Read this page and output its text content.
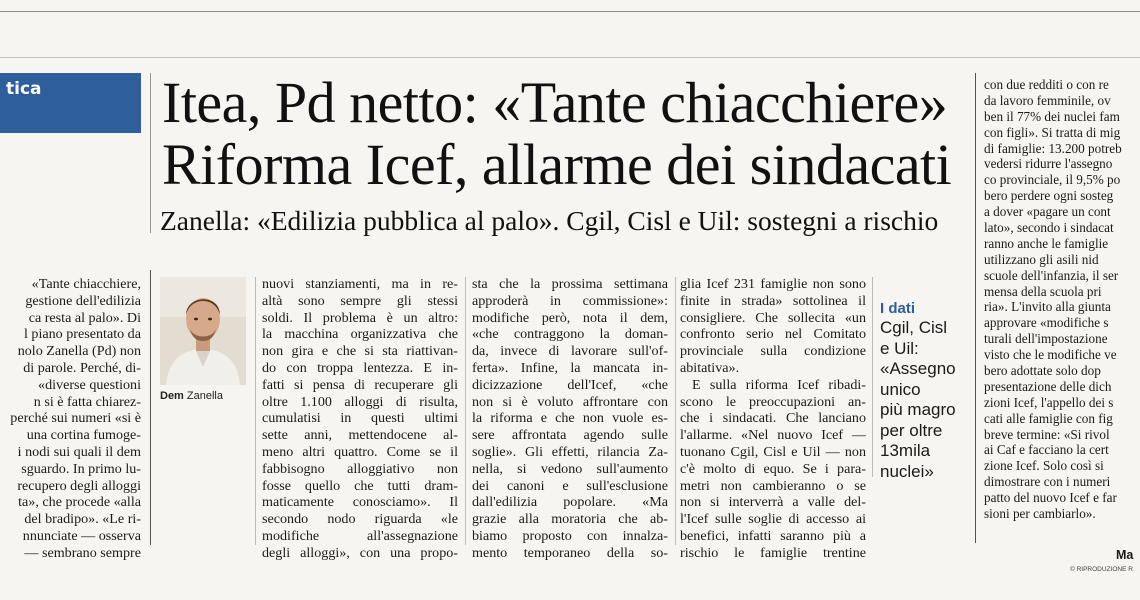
tica Itea, Pd netto: «Tante chiacchiere»
Riforma Icef, allarme dei sindacati
Zanella: «Edilizia pubblica al palo». Cgil, Cisl e Uil: sostegni a rischio
Dem Zanella
«Tante chiacchiere,
gestione dell'edilizia
ca resta al palo». Di
l piano presentato da
nolo Zanella (Pd) non
di parole. Perché, di-
«diverse questioni
n si è fatta chiarez-
perché sui numeri «si è
una cortina fumoge-
i nodi sui quali il dem
sguardo. In primo lu-
recupero degli alloggi
ta», che procede «alla
del bradipo». «Le ri-
nnunciate — osserva
— sembrano sempre
nuovi stanziamenti, ma in re-
altà sono sempre gli stessi
soldi. Il problema è un altro:
la macchina organizzativa che
non gira e che si sta riattivan-
do con troppa lentezza. E in-
fatti si pensa di recuperare gli
oltre 1.100 alloggi di risulta,
cumulatisi in questi ultimi
sette anni, mettendocene al-
meno altri quattro. Come se il
fabbisogno alloggiativo non
fosse quello che tutti dram-
maticamente conosciamo». Il
secondo nodo riguarda «le
modifiche all'assegnazione
degli alloggi», con una propo-
sta che la prossima settimana
approderà in commissione»:
modifiche però, nota il dem,
«che contraggono la doman-
da, invece di lavorare sull'of-
ferta». Infine, la mancata in-
dicizzazione dell'Icef, «che
non si è voluto affrontare con
la riforma e che non vuole es-
sere affrontata agendo sulle
soglie». Gli effetti, rilancia Za-
nella, si vedono sull'aumento
dei canoni e sull'esclusione
dall'edilizia popolare. «Ma
grazie alla moratoria che ab-
biamo proposto con innalza-
mento temporaneo della so-
glia Icef 231 famiglie non sono
finite in strada» sottolinea il
consigliere. Che sollecita «un
confronto serio nel Comitato
provinciale sulla condizione
abitativa».
E sulla riforma Icef ribadi-
scono le preoccupazioni an-
che i sindacati. Che lanciano
l'allarme. «Nel nuovo Icef —
tuonano Cgil, Cisl e Uil — non
c'è molto di equo. Se i para-
metri non cambieranno o se
non si interverrà a valle del-
l'Icef sulle soglie di accesso ai
benefici, infatti saranno più a
rischio le famiglie trentine
I dati
Cgil, Cisl
e Uil:
«Assegno
unico
più magro
per oltre
13mila
nuclei»
con due redditi o con re
da lavoro femminile, ov
ben il 77% dei nuclei fam
con figli». Si tratta di mig
di famiglie: 13.200 potreb
vedersi ridurre l'assegno
co provinciale, il 9,5% po
bero perdere ogni sosteg
a dover «pagare un cont
lato», secondo i sindacat
ranno anche le famiglie
utilizzano gli asili nid
scuole dell'infanzia, il ser
mensa della scuola pri
ria». L'invito alla giunta
approvare «modifiche s
turali dell'impostazione
visto che le modifiche ve
bero adottate solo dop
presentazione delle dich
zioni Icef, l'appello dei s
cati alle famiglie con fig
breve termine: «Si rivol
ai Caf e facciano la cert
zione Icef. Solo così si
dimostrare con i numeri
patto del nuovo Icef e far
sioni per cambiarlo».
Ma
© RIPRODUZIONE R
